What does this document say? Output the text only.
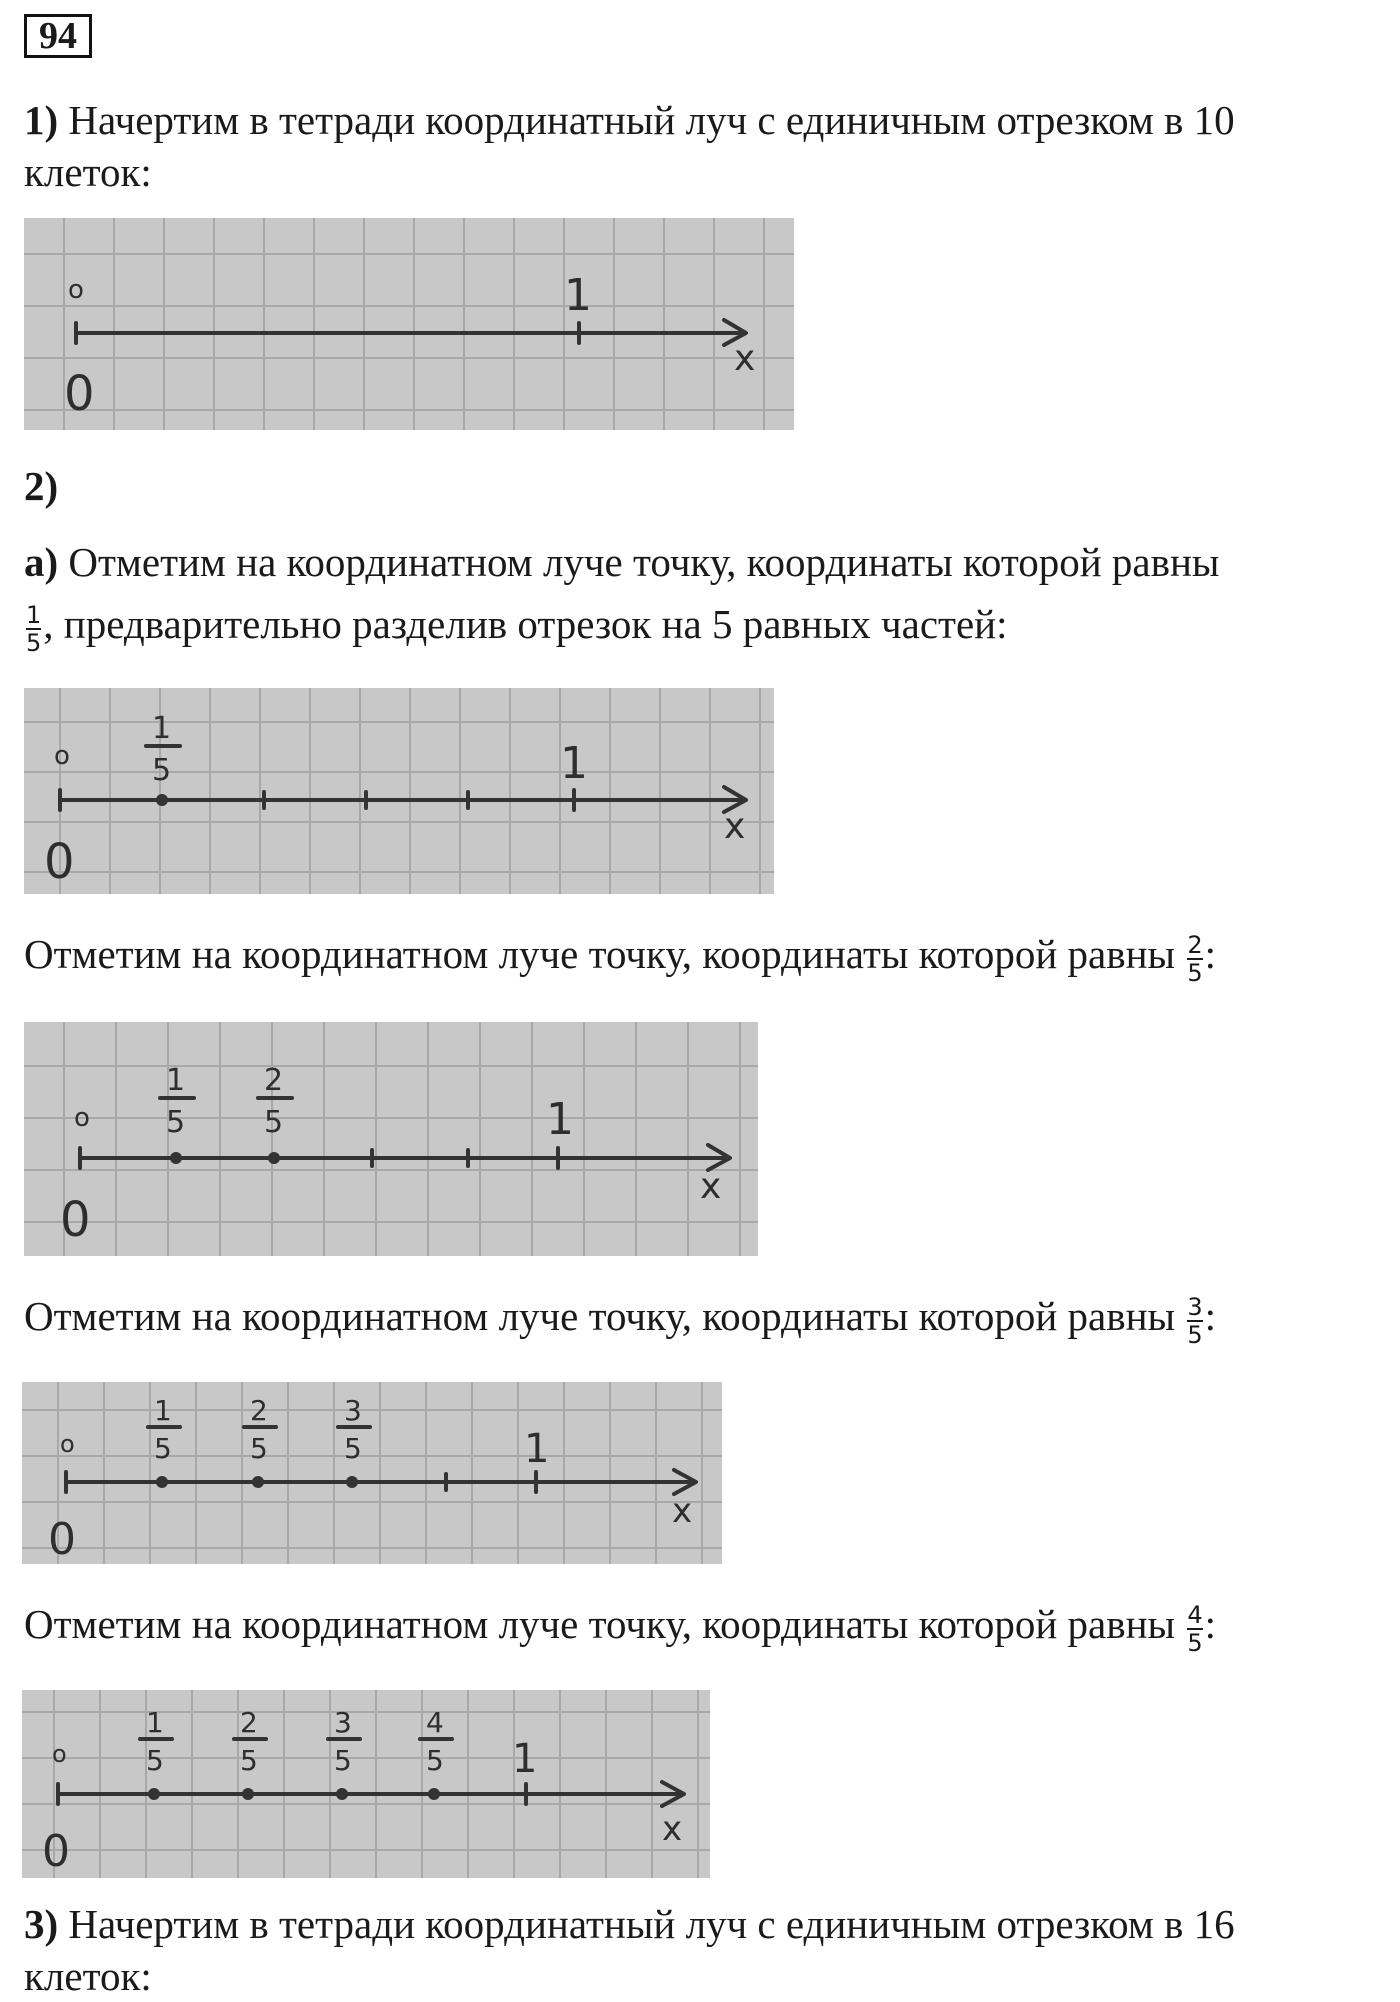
94
1) Начертим в тетради координатный луч с единичным отрезком в 10 клеток:
o
0
1
x
2)
а) Отметим на координатном луче точку, координаты которой равны
$\frac{1}{5}$ , предварительно разделив отрезок на 5 равных частей:
o
0
1
5	1
x
Отметим на координатном луче точку, координаты которой равны $\frac{2}{5}$ :
o
0
1
5
2
5	1
x
Отметим на координатном луче точку, координаты которой равны $\frac{3}{5}$ :
o
0
1
5
2
5
3
5	1
x
Отметим на координатном луче точку, координаты которой равны $\frac{4}{5}$ :
o
0
1
5
2
5
3
5
4
5 1
x
3) Начертим в тетради координатный луч с единичным отрезком в 16 клеток:
